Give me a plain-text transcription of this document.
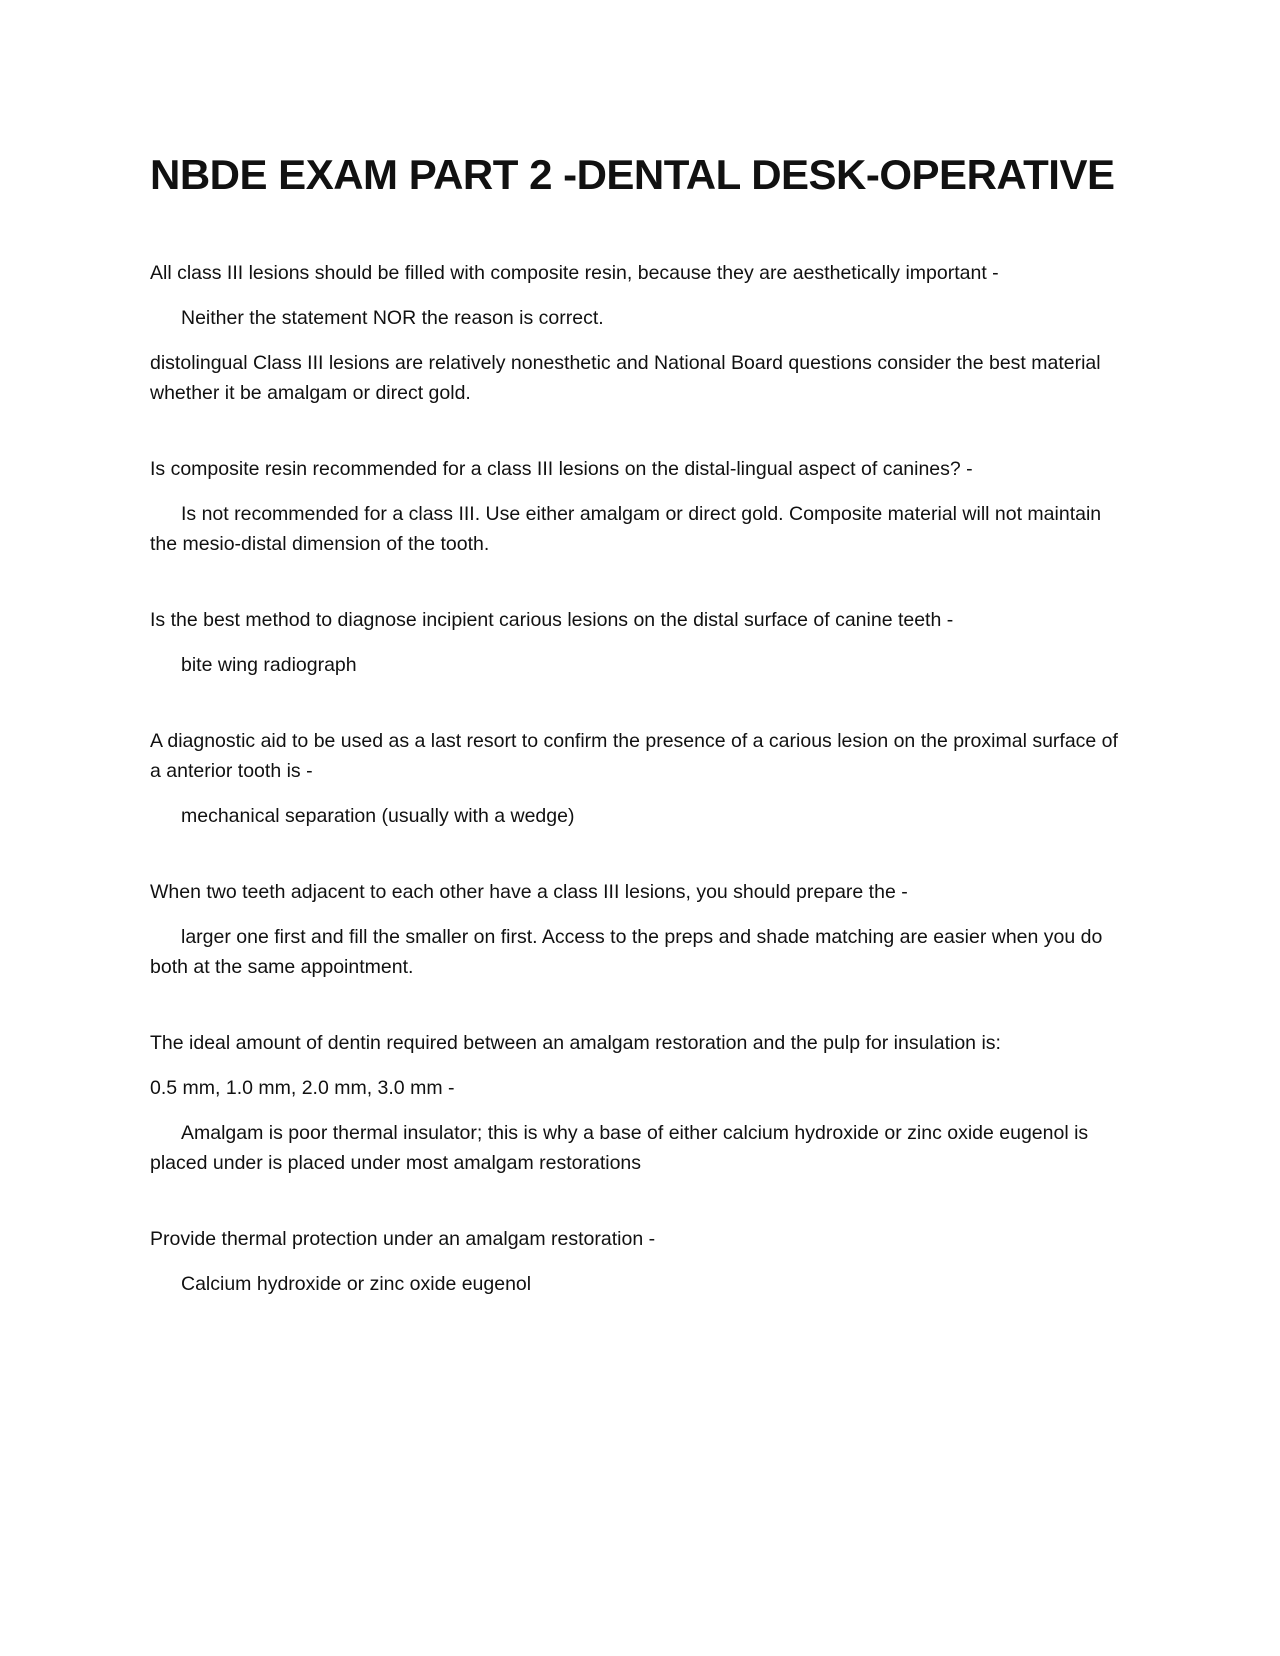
NBDE EXAM PART 2 -DENTAL DESK-OPERATIVE

All class III lesions should be filled with composite resin, because they are aesthetically important -

Neither the statement NOR the reason is correct.

distolingual Class III lesions are relatively nonesthetic and National Board questions consider the best material whether it be amalgam or direct gold.

Is composite resin recommended for a class III lesions on the distal-lingual aspect of canines? -

Is not recommended for a class III. Use either amalgam or direct gold. Composite material will not maintain the mesio-distal dimension of the tooth.

Is the best method to diagnose incipient carious lesions on the distal surface of canine teeth -

bite wing radiograph

A diagnostic aid to be used as a last resort to confirm the presence of a carious lesion on the proximal surface of a anterior tooth is -

mechanical separation (usually with a wedge)

When two teeth adjacent to each other have a class III lesions, you should prepare the -

larger one first and fill the smaller on first. Access to the preps and shade matching are easier when you do both at the same appointment.

The ideal amount of dentin required between an amalgam restoration and the pulp for insulation is:

0.5 mm, 1.0 mm, 2.0 mm, 3.0 mm -

Amalgam is poor thermal insulator; this is why a base of either calcium hydroxide or zinc oxide eugenol is placed under is placed under most amalgam restorations

Provide thermal protection under an amalgam restoration -

Calcium hydroxide or zinc oxide eugenol
